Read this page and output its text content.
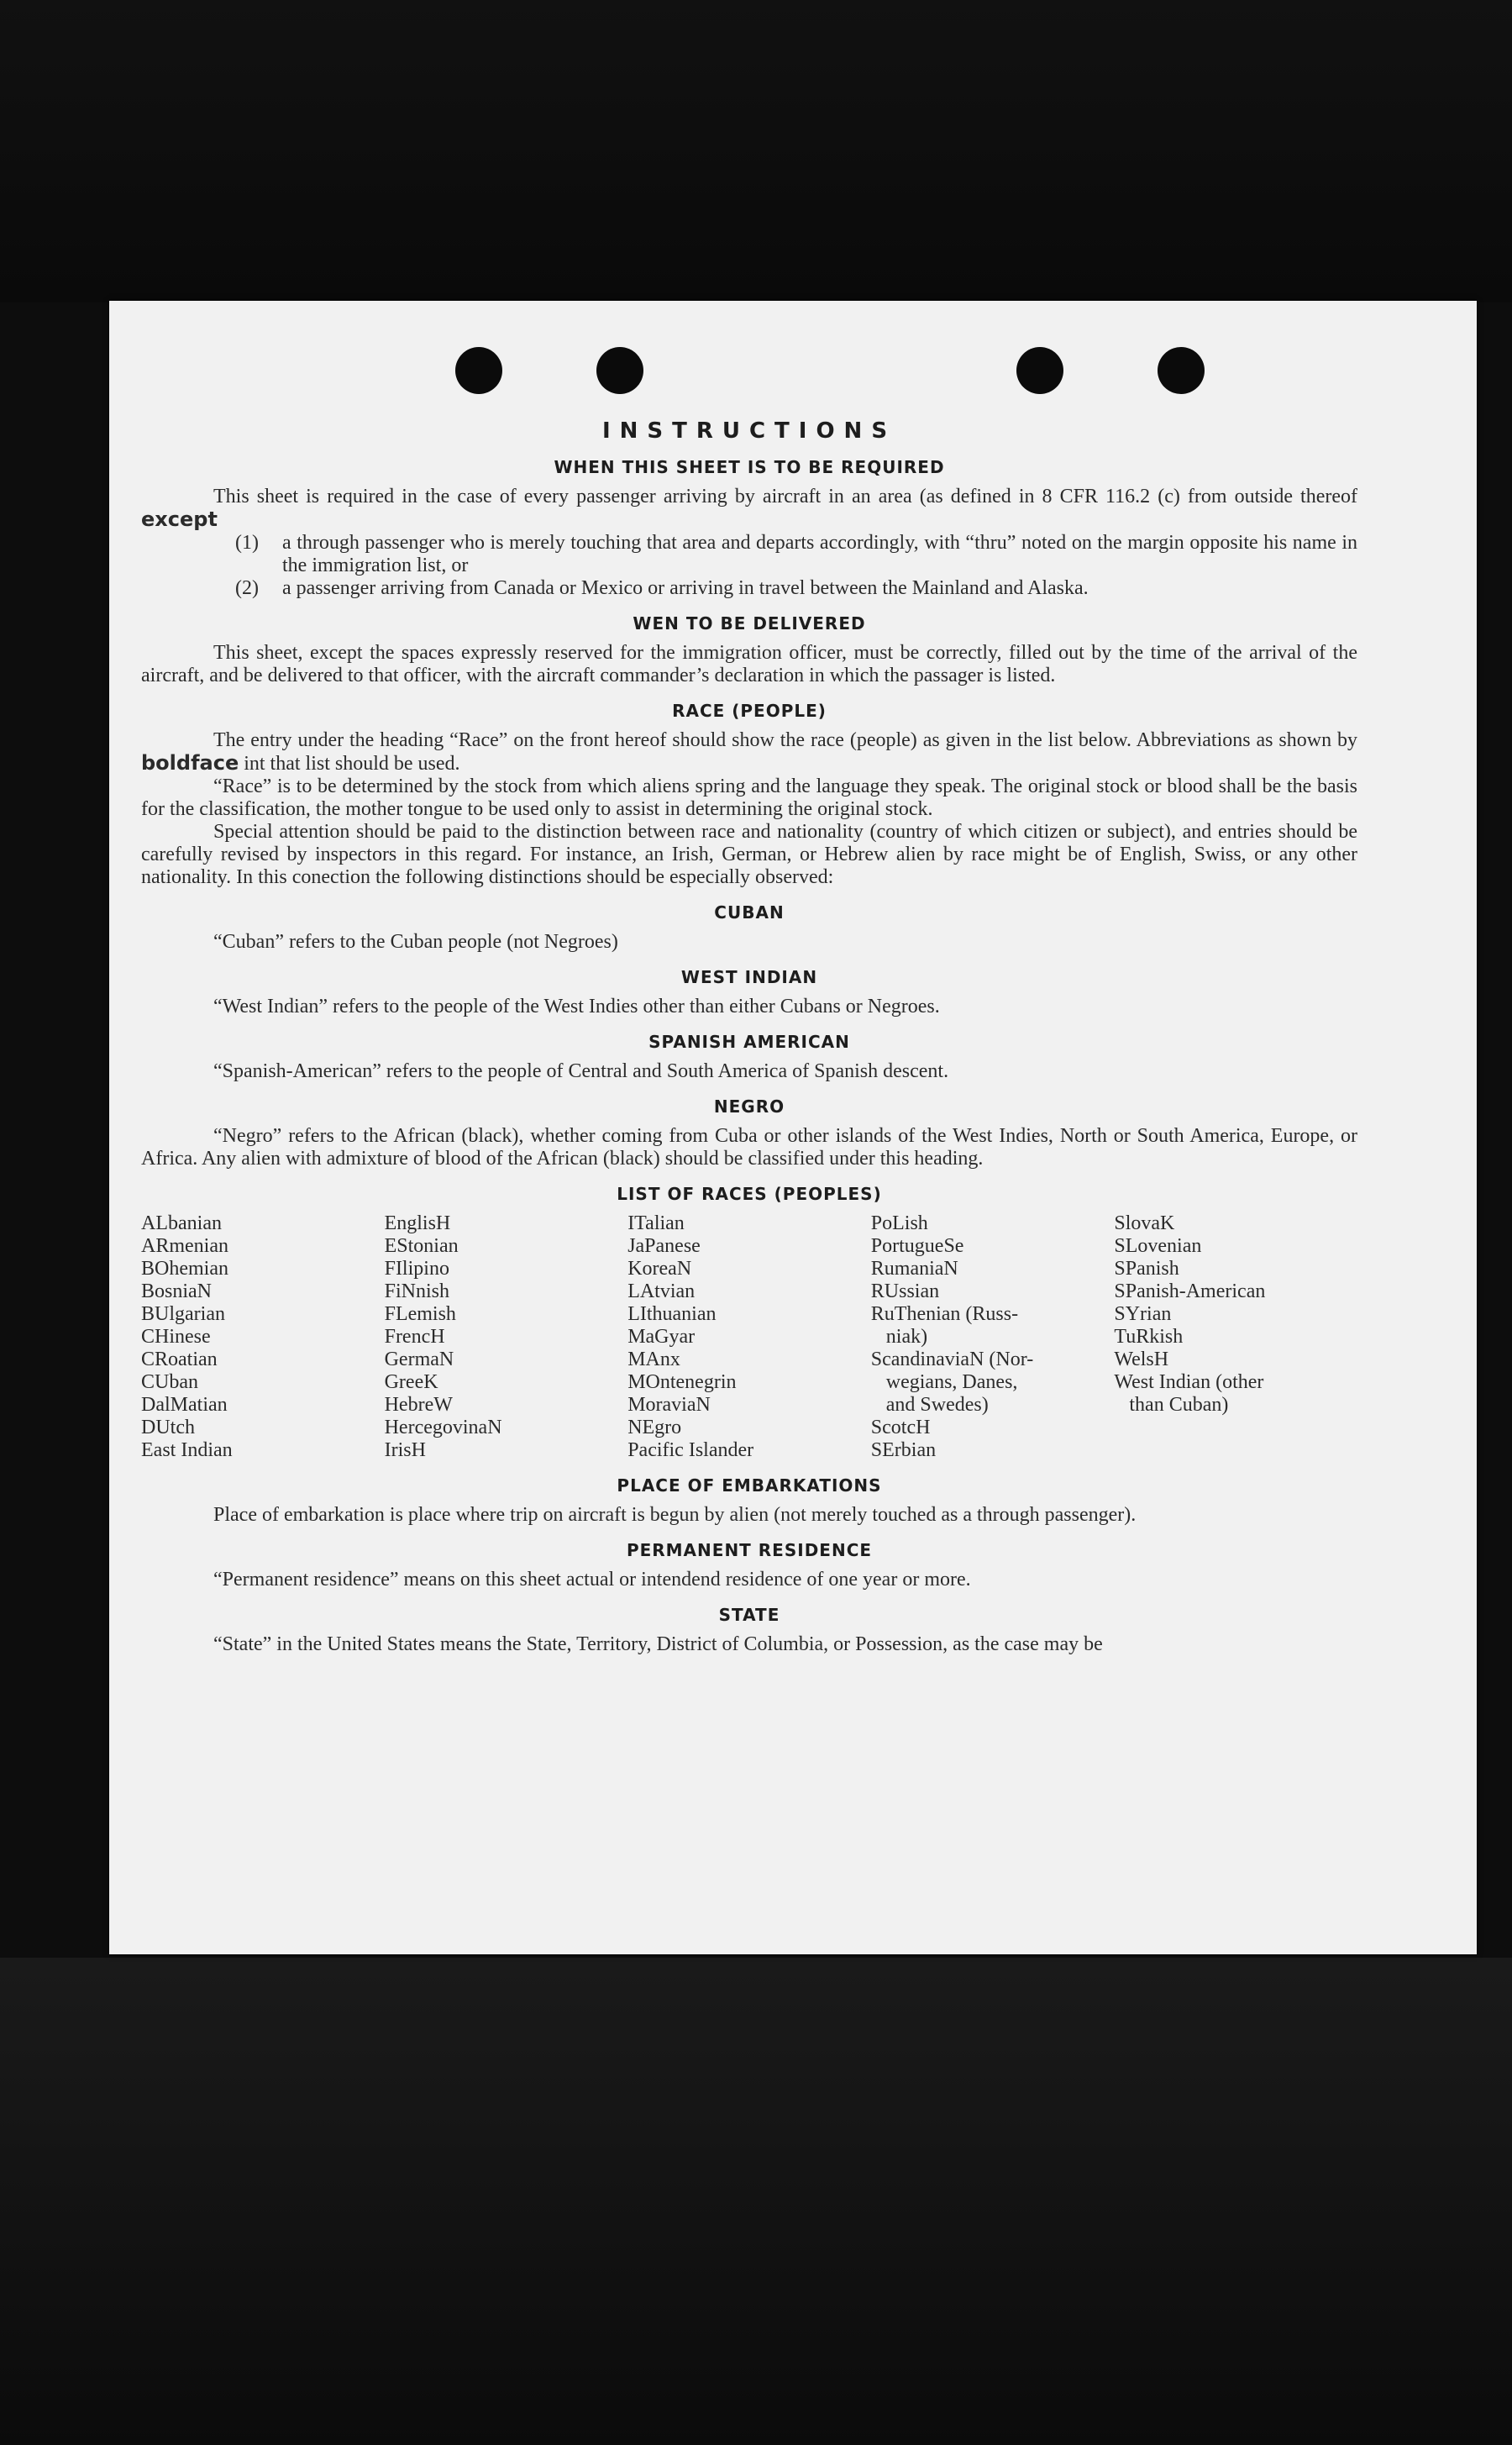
INSTRUCTIONS
WHEN THIS SHEET IS TO BE REQUIRED

This sheet is required in the case of every passenger arriving by aircraft in an area (as defined in 8 CFR 116.2 (c) from outside thereof except

(1)	a through passenger who is merely touching that area and departs accordingly, with “thru” noted on the margin opposite his name in the immigration list, or
(2)	a passenger arriving from Canada or Mexico or arriving in travel between the Mainland and Alaska.
WEN TO BE DELIVERED

This sheet, except the spaces expressly reserved for the immigration officer, must be correctly, filled out by the time of the arrival of the aircraft, and be delivered to that officer, with the aircraft commander’s declaration in which the passager is listed.

RACE (PEOPLE)

The entry under the heading “Race” on the front hereof should show the race (people) as given in the list below. Abbreviations as shown by boldface int that list should be used.

“Race” is to be determined by the stock from which aliens spring and the language they speak. The original stock or blood shall be the basis for the classification, the mother tongue to be used only to assist in determining the original stock.

Special attention should be paid to the distinction between race and nationality (country of which citizen or subject), and entries should be carefully revised by inspectors in this regard. For instance, an Irish, German, or Hebrew alien by race might be of English, Swiss, or any other nationality. In this conection the following distinctions should be especially observed:

CUBAN

“Cuban” refers to the Cuban people (not Negroes)

WEST INDIAN

“West Indian” refers to the people of the West Indies other than either Cubans or Negroes.

SPANISH AMERICAN

“Spanish-American” refers to the people of Central and South America of Spanish descent.

NEGRO

“Negro” refers to the African (black), whether coming from Cuba or other islands of the West Indies, North or South America, Europe, or Africa. Any alien with admixture of blood of the African (black) should be classified under this heading.

LIST OF RACES (PEOPLES)
ALbanian
ARmenian
BOhemian
BosniaN
BUlgarian
CHinese
CRoatian
CUban
DalMatian
DUtch
East Indian
EnglisH
EStonian
FIlipino
FiNnish
FLemish
FrencH
GermaN
GreeK
HebreW
HercegovinaN
IrisH
ITalian
JaPanese
KoreaN
LAtvian
LIthuanian
MaGyar
MAnx
MOntenegrin
MoraviaN
NEgro
Pacific Islander
PoLish
PortugueSe
RumaniaN
RUssian
RuThenian (Russ-
niak)
ScandinaviaN (Nor-
wegians, Danes,
and Swedes)
ScotcH
SErbian
SlovaK
SLovenian
SPanish
SPanish-American
SYrian
TuRkish
WelsH
West Indian (other
than Cuban)
PLACE OF EMBARKATIONS

Place of embarkation is place where trip on aircraft is begun by alien (not merely touched as a through passenger).

PERMANENT RESIDENCE

“Permanent residence” means on this sheet actual or intendend residence of one year or more.

STATE

“State” in the United States means the State, Territory, District of Columbia, or Possession, as the case may be
